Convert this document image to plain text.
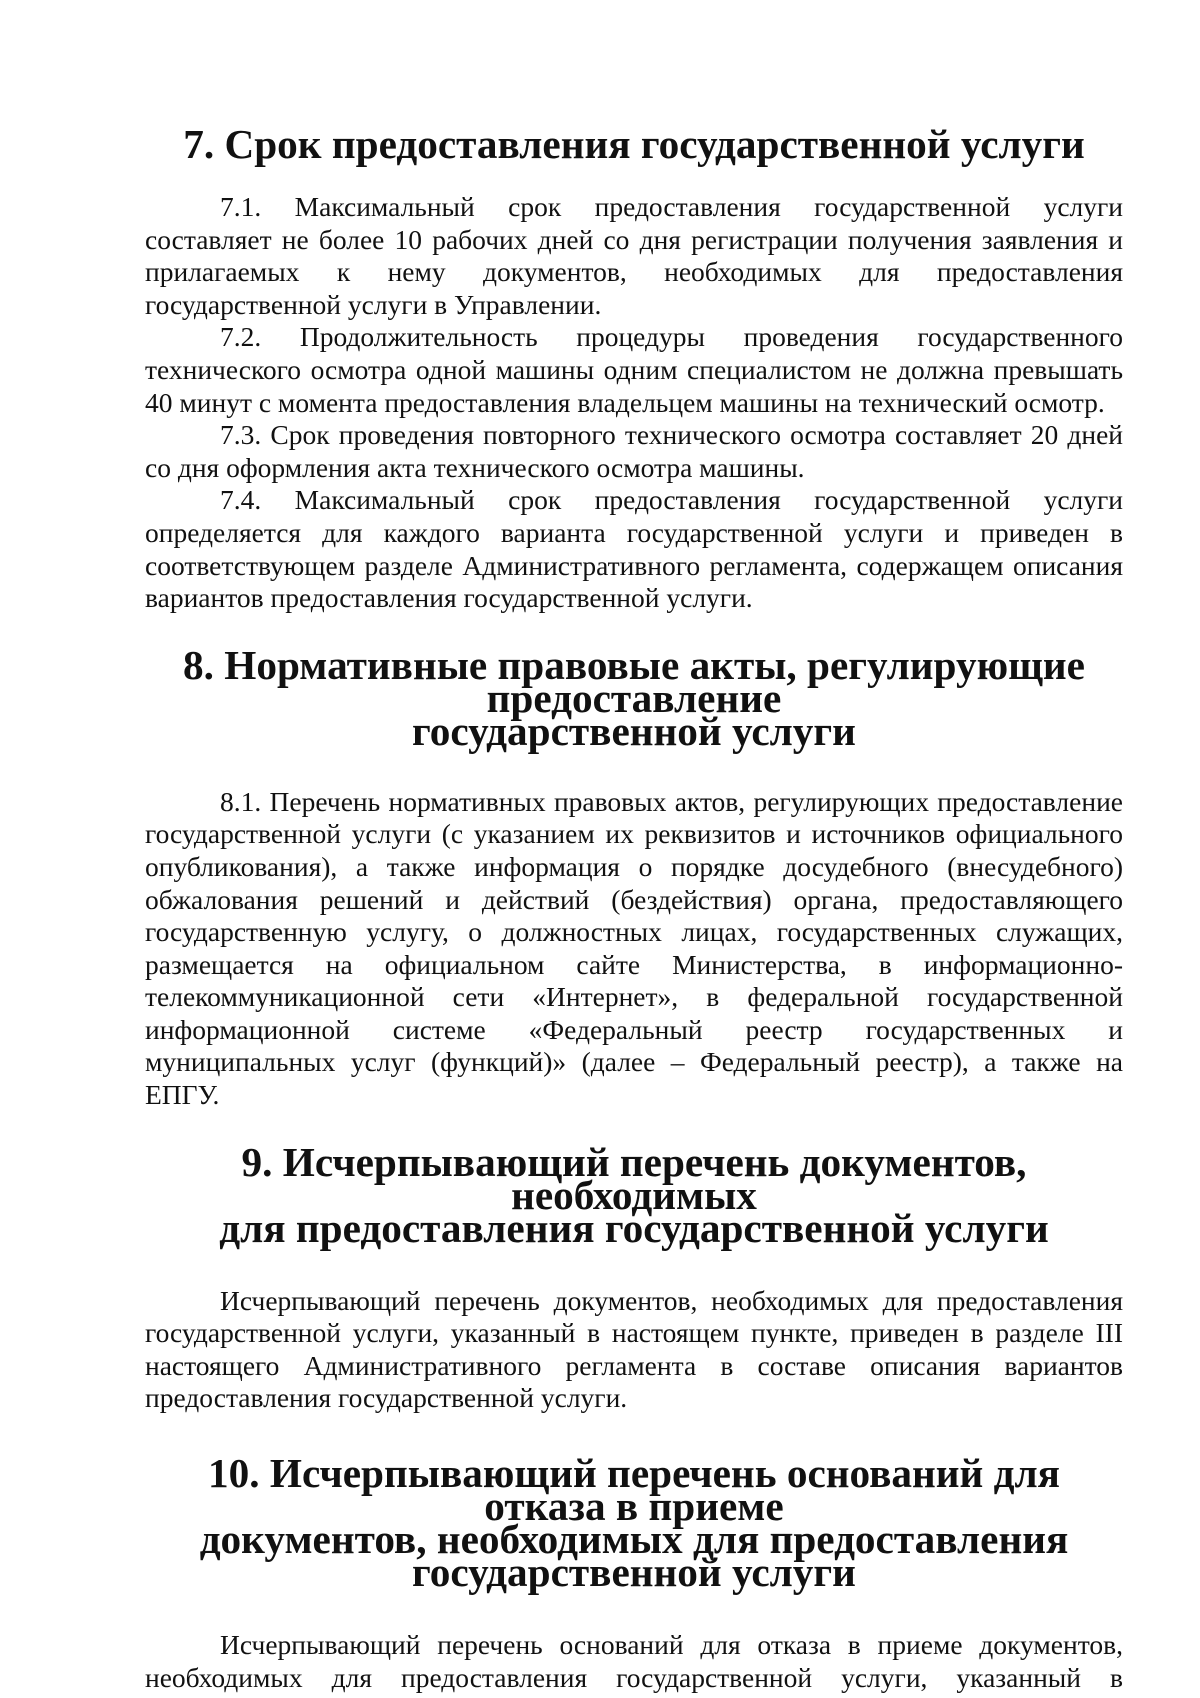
7. Срок предоставления государственной услуги

7.1. Максимальный срок предоставления государственной услуги составляет не более 10 рабочих дней со дня регистрации получения заявления и прилагаемых к нему документов, необходимых для предоставления государственной услуги в Управлении.

7.2. Продолжительность процедуры проведения государственного технического осмотра одной машины одним специалистом не должна превышать 40 минут с момента предоставления владельцем машины на технический осмотр.

7.3. Срок проведения повторного технического осмотра составляет 20 дней со дня оформления акта технического осмотра машины.

7.4. Максимальный срок предоставления государственной услуги определяется для каждого варианта государственной услуги и приведен в соответствующем разделе Административного регламента, содержащем описания вариантов предоставления государственной услуги.

8. Нормативные правовые акты, регулирующие предоставление
государственной услуги

8.1. Перечень нормативных правовых актов, регулирующих предоставление государственной услуги (с указанием их реквизитов и источников официального опубликования), а также информация о порядке досудебного (внесудебного) обжалования решений и действий (бездействия) органа, предоставляющего государственную услугу, о должностных лицах, государственных служащих, размещается на официальном сайте Министерства, в информационно-телекоммуникационной сети «Интернет», в федеральной государственной информационной системе «Федеральный реестр государственных и муниципальных услуг (функций)» (далее – Федеральный реестр), а также на ЕПГУ.

9. Исчерпывающий перечень документов, необходимых
для предоставления государственной услуги

Исчерпывающий перечень документов, необходимых для предоставления государственной услуги, указанный в настоящем пункте, приведен в разделе III настоящего Административного регламента в составе описания вариантов предоставления государственной услуги.

10. Исчерпывающий перечень оснований для отказа в приеме
документов, необходимых для предоставления государственной услуги

Исчерпывающий перечень оснований для отказа в приеме документов, необходимых для предоставления государственной услуги, указанный в
